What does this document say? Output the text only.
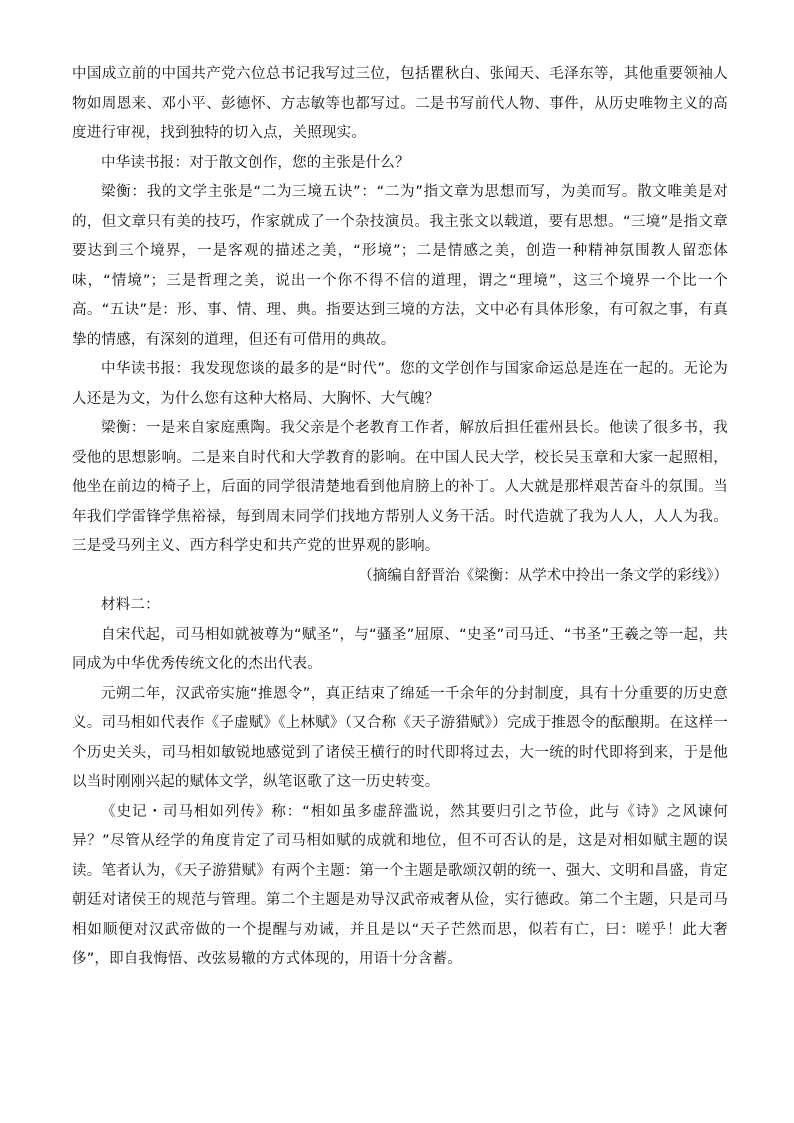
中国成立前的中国共产党六位总书记我写过三位，包括瞿秋白、张闻天、毛泽东等，其他重要领袖人物如周恩来、邓小平、彭德怀、方志敏等也都写过。二是书写前代人物、事件，从历史唯物主义的高度进行审视，找到独特的切入点，关照现实。

中华读书报：对于散文创作，您的主张是什么？

梁衡：我的文学主张是“二为三境五诀”：“二为”指文章为思想而写，为美而写。散文唯美是对的，但文章只有美的技巧，作家就成了一个杂技演员。我主张文以载道，要有思想。“三境”是指文章要达到三个境界，一是客观的描述之美，“形境”；二是情感之美，创造一种精神氛围教人留恋体味，“情境”；三是哲理之美，说出一个你不得不信的道理，谓之“理境”，这三个境界一个比一个高。“五诀”是：形、事、情、理、典。指要达到三境的方法，文中必有具体形象，有可叙之事，有真挚的情感，有深刻的道理，但还有可借用的典故。

中华读书报：我发现您谈的最多的是“时代”。您的文学创作与国家命运总是连在一起的。无论为人还是为文，为什么您有这种大格局、大胸怀、大气魄？

梁衡：一是来自家庭熏陶。我父亲是个老教育工作者，解放后担任霍州县长。他读了很多书，我受他的思想影响。二是来自时代和大学教育的影响。在中国人民大学，校长吴玉章和大家一起照相，他坐在前边的椅子上，后面的同学很清楚地看到他肩膀上的补丁。人大就是那样艰苦奋斗的氛围。当年我们学雷锋学焦裕禄，每到周末同学们找地方帮别人义务干活。时代造就了我为人人，人人为我。三是受马列主义、西方科学史和共产党的世界观的影响。

（摘编自舒晋治《梁衡：从学术中拎出一条文学的彩线》）

材料二：

自宋代起，司马相如就被尊为“赋圣”，与“骚圣”屈原、“史圣”司马迁、“书圣”王羲之等一起，共同成为中华优秀传统文化的杰出代表。

元朔二年，汉武帝实施“推恩令”，真正结束了绵延一千余年的分封制度，具有十分重要的历史意义。司马相如代表作《子虚赋》《上林赋》（又合称《天子游猎赋》）完成于推恩令的酝酿期。在这样一个历史关头，司马相如敏锐地感觉到了诸侯王横行的时代即将过去，大一统的时代即将到来，于是他以当时刚刚兴起的赋体文学，纵笔讴歌了这一历史转变。

《史记・司马相如列传》称：“相如虽多虚辞滥说，然其要归引之节俭，此与《诗》之风谏何异？”尽管从经学的角度肯定了司马相如赋的成就和地位，但不可否认的是，这是对相如赋主题的误读。笔者认为，《天子游猎赋》有两个主题：第一个主题是歌颂汉朝的统一、强大、文明和昌盛，肯定朝廷对诸侯王的规范与管理。第二个主题是劝导汉武帝戒奢从俭，实行德政。第二个主题，只是司马相如顺便对汉武帝做的一个提醒与劝诫，并且是以“天子芒然而思，似若有亡，曰：嗟乎！此大奢侈”，即自我悔悟、改弦易辙的方式体现的，用语十分含蓄。
